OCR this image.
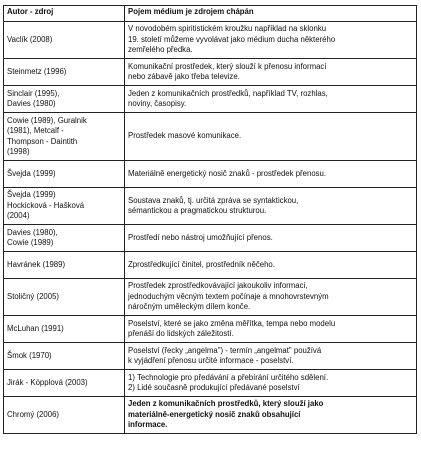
Autor - zdroj	Pojem médium je zdrojem chápán

Vaclík (2008)	V novodobém spiritistickém kroužku například na sklonku
19. století můžeme vyvolávat jako médium ducha některého
zemřelého předka.

Steinmetz (1996)	Komunikační prostředek, který slouží k přenosu informací
nebo zábavě jako třeba televize.

Sinclair (1995),
Davies (1980)	Jeden z komunikačních prostředků, například TV, rozhlas,
noviny, časopisy.

Cowie (1989), Guralnik
(1981), Metcalf -
Thompson - Daintith
(1998)	Prostředek masové komunikace.

Švejda (1999)	Materiálně energetický nosič znaků - prostředek přenosu.

Švejda (1999)
Hockicková - Hašková
(2004)	Soustava znaků, tj. určitá zpráva se syntaktickou,
sémantickou a pragmatickou strukturou.

Davies (1980),
Cowie (1989)	Prostředí nebo nástroj umožňující přenos.

Havránek (1989)	Zprostředkující činitel, prostředník něčeho.

Stoličný (2005)	Prostředek zprostředkovávající jakoukoliv informaci,
jednoduchým věcným textem počínaje a mnohovrstevným
náročným uměleckým dílem konče.

McLuhan (1991)	Poselství, které se jako změna měřítka, tempa nebo modelu
přenáší do lidských záležitostí.

Šmok (1970)	Poselství (řecky „angelma") - termín „angelmat" používá
k vyjádření přenosu určité informace - poselství.

Jirák - Köpplová (2003)	1) Technologie pro předávání a přebírání určitého sdělení.
2) Lidé současně produkující předávané poselství

Chromý (2006)	Jeden z komunikačních prostředků, který slouží jako
materiálně-energetický nosič znaků obsahující
informace.
